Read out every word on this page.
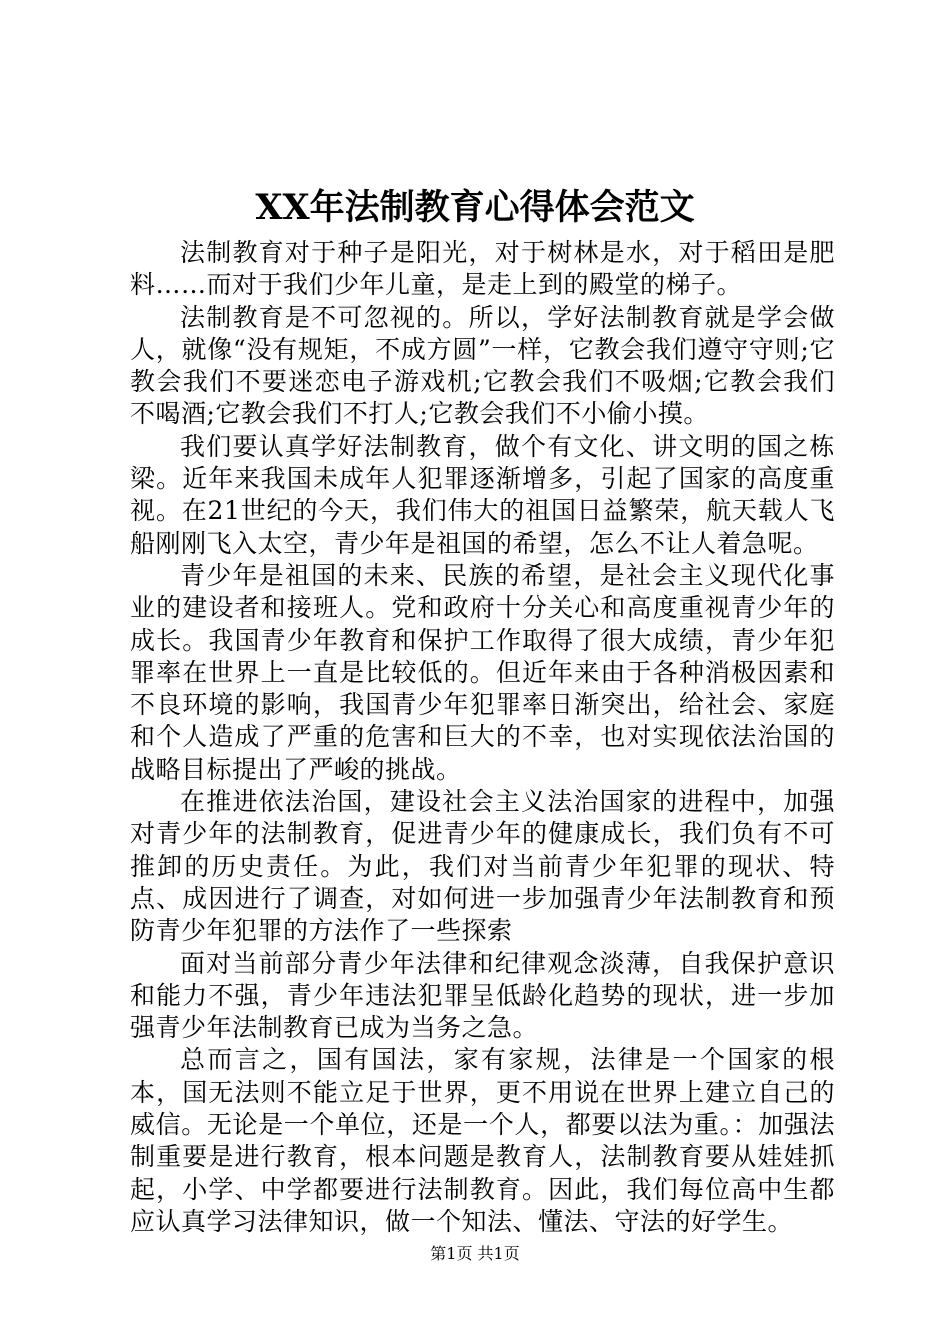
XX年法制教育心得体会范文

法制教育对于种子是阳光，对于树林是水，对于稻田是肥料……而对于我们少年儿童，是走上到的殿堂的梯子。

法制教育是不可忽视的。所以，学好法制教育就是学会做人，就像“没有规矩，不成方圆”一样，它教会我们遵守守则;它教会我们不要迷恋电子游戏机;它教会我们不吸烟;它教会我们不喝酒;它教会我们不打人;它教会我们不小偷小摸。

我们要认真学好法制教育，做个有文化、讲文明的国之栋梁。近年来我国未成年人犯罪逐渐增多，引起了国家的高度重视。在21世纪的今天，我们伟大的祖国日益繁荣，航天载人飞船刚刚飞入太空，青少年是祖国的希望，怎么不让人着急呢。

青少年是祖国的未来、民族的希望，是社会主义现代化事业的建设者和接班人。党和政府十分关心和高度重视青少年的成长。我国青少年教育和保护工作取得了很大成绩，青少年犯罪率在世界上一直是比较低的。但近年来由于各种消极因素和不良环境的影响，我国青少年犯罪率日渐突出，给社会、家庭和个人造成了严重的危害和巨大的不幸，也对实现依法治国的战略目标提出了严峻的挑战。

在推进依法治国，建设社会主义法治国家的进程中，加强对青少年的法制教育，促进青少年的健康成长，我们负有不可推卸的历史责任。为此，我们对当前青少年犯罪的现状、特点、成因进行了调查，对如何进一步加强青少年法制教育和预防青少年犯罪的方法作了一些探索

面对当前部分青少年法律和纪律观念淡薄，自我保护意识和能力不强，青少年违法犯罪呈低龄化趋势的现状，进一步加强青少年法制教育已成为当务之急。

总而言之，国有国法，家有家规，法律是一个国家的根本，国无法则不能立足于世界，更不用说在世界上建立自己的威信。无论是一个单位，还是一个人，都要以法为重。：加强法制重要是进行教育，根本问题是教育人，法制教育要从娃娃抓起，小学、中学都要进行法制教育。因此，我们每位高中生都应认真学习法律知识，做一个知法、懂法、守法的好学生。

第1页 共1页
